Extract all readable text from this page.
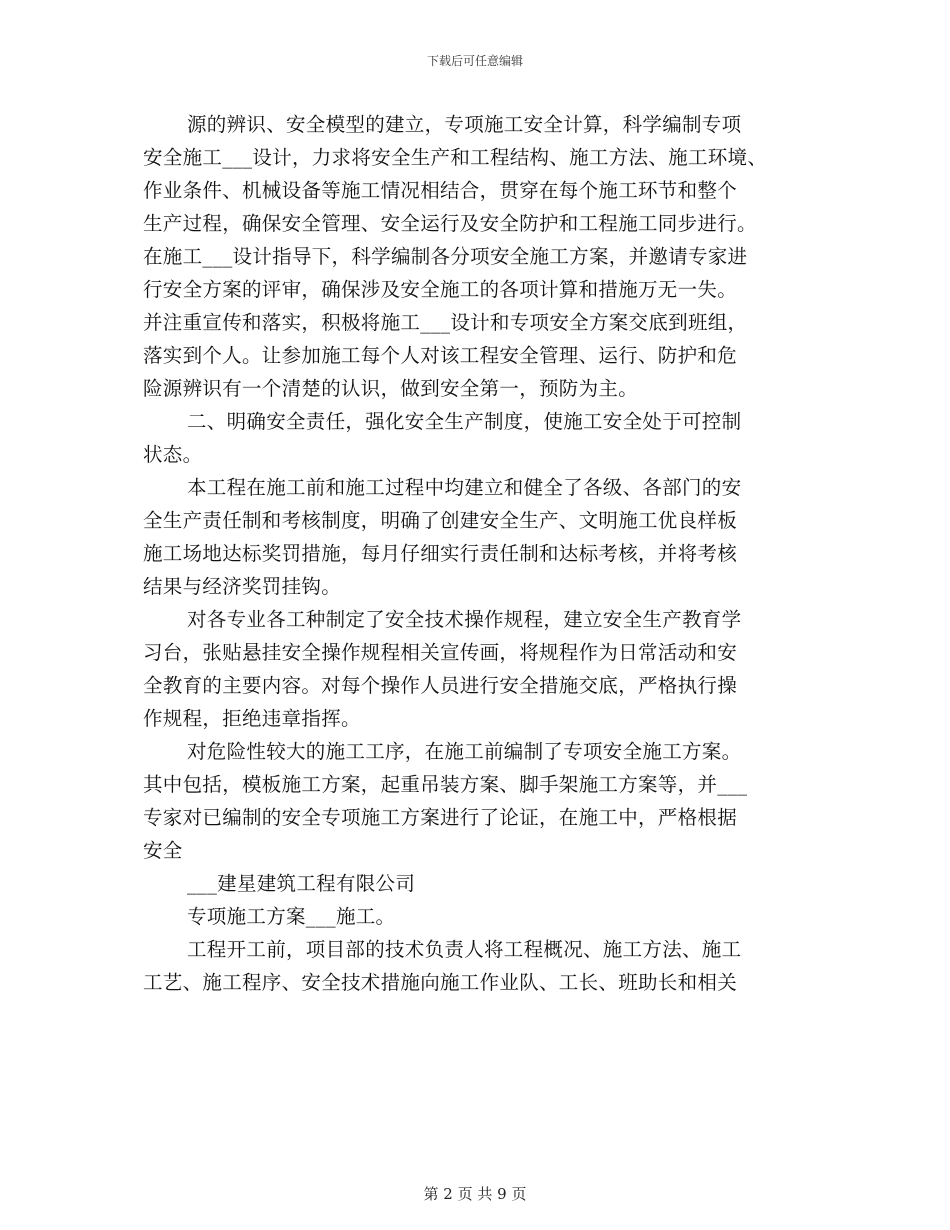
下载后可任意编辑
源的辨识、安全模型的建立，专项施工安全计算，科学编制专项
安全施工___设计，力求将安全生产和工程结构、施工方法、施工环境、
作业条件、机械设备等施工情况相结合，贯穿在每个施工环节和整个
生产过程，确保安全管理、安全运行及安全防护和工程施工同步进行。
在施工___设计指导下，科学编制各分项安全施工方案，并邀请专家进
行安全方案的评审，确保涉及安全施工的各项计算和措施万无一失。
并注重宣传和落实，积极将施工___设计和专项安全方案交底到班组，
落实到个人。让参加施工每个人对该工程安全管理、运行、防护和危
险源辨识有一个清楚的认识，做到安全第一，预防为主。
二、明确安全责任，强化安全生产制度，使施工安全处于可控制
状态。
本工程在施工前和施工过程中均建立和健全了各级、各部门的安
全生产责任制和考核制度，明确了创建安全生产、文明施工优良样板
施工场地达标奖罚措施，每月仔细实行责任制和达标考核，并将考核
结果与经济奖罚挂钩。
对各专业各工种制定了安全技术操作规程，建立安全生产教育学
习台，张贴悬挂安全操作规程相关宣传画，将规程作为日常活动和安
全教育的主要内容。对每个操作人员进行安全措施交底，严格执行操
作规程，拒绝违章指挥。
对危险性较大的施工工序，在施工前编制了专项安全施工方案。
其中包括，模板施工方案，起重吊装方案、脚手架施工方案等，并___
专家对已编制的安全专项施工方案进行了论证，在施工中，严格根据
安全
___建星建筑工程有限公司
专项施工方案___施工。
工程开工前，项目部的技术负责人将工程概况、施工方法、施工
工艺、施工程序、安全技术措施向施工作业队、工长、班助长和相关
第 2 页 共 9 页
